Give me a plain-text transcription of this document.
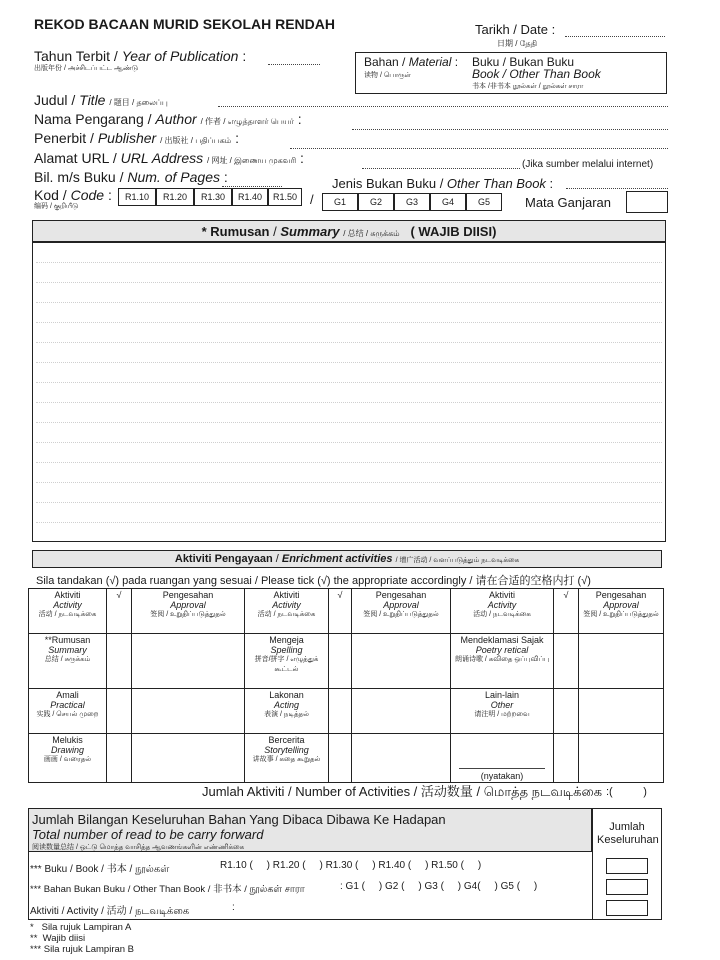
REKOD BACAAN MURID SEKOLAH RENDAH	Tarikh / Date :
日期 / தேதி
Tahun Terbit / Year of Publication :
出版年份 / அச்சிடப்பட்ட ஆண்டு	Bahan / Material :
读物 / பொருள்
Buku / Bukan Buku
Book / Other Than Book
书本 /非书本 நூல்கள் / நூல்கள் சாரா
Judul / Title / 题目 / தலைப்பு
Nama Pengarang / Author / 作者 / எழுத்தாளர் பெயர் :
Penerbit / Publisher / 出版社 / பதிப்பகம் :
Alamat URL / URL Address / 网址 / இணைய முகவரி :	(Jika sumber melalui internet)
Bil. m/s Buku / Num. of Pages :	Jenis Bukan Buku / Other Than Book :
Kod / Code :
编码 / குறியீடு
R1.10	R1.20	R1.30	R1.40	R1.50 /	G1	G2	G3	G4	G5	Mata Ganjaran
* Rumusan / Summary / 总结 / சுருக்கம் ( WAJIB DIISI)
Aktiviti Pengayaan / Enrichment activities / 增广活动 / வளப்படுத்தும் நடவடிக்கை
Sila tandakan (√) pada ruangan yang sesuai / Please tick (√) the appropriate accordingly / 请在合适的空格内打 (√)
Aktiviti
Activity
活动 / நடவடிக்கை	√	Pengesahan
Approval
签阅 / உறுதிப்படுத்துதல்	Aktiviti
Activity
活动 / நடவடிக்கை	√	Pengesahan
Approval
签阅 / உறுதிப்படுத்துதல்	Aktiviti
Activity
活动 / நடவடிக்கை	√	Pengesahan
Approval
签阅 / உறுதிப்படுத்துதல்

**Rumusan
Summary
总结 / சுருக்கம்			Mengeja
Spelling
拼音/拼字 / எழுத்துக் கூட்டல்			Mendeklamasi Sajak
Poetry retical
朗诵诗歌 / கவிதை ஒப்புவிப்பு		

Amali
Practical
实践 / செயல் முறை			Lakonan
Acting
表演 / நடித்தல்			Lain-lain
Other
请注明 / மற்றவை		

Melukis
Drawing
画画 / வரைதல்			Bercerita
Storytelling
讲故事 / கதை கூறுதல்			(nyatakan)		
Jumlah Aktiviti / Number of Activities / 活动数量 / மொத்த நடவடிக்கை :(          )
Jumlah Bilangan Keseluruhan Bahan Yang Dibaca Dibawa Ke Hadapan
Total number of read to be carry forward
阅读数量总结 / ஒட்டு மொத்த வாசித்த ஆவணங்களின் எண்ணிக்கை
Jumlah Keseluruhan
*** Buku / Book / 书本 / நூல்கள்	R1.10 (     ) R1.20 (     ) R1.30 (     ) R1.40 (     ) R1.50 (     )
*** Bahan Bukan Buku / Other Than Book / 非书本 / நூல்கள் சாரா	: G1 (     ) G2 (     ) G3 (     ) G4(     ) G5 (     )
Aktiviti / Activity / 活动 / நடவடிக்கை	:
*   Sila rujuk Lampiran A
**  Wajib diisi
*** Sila rujuk Lampiran B
